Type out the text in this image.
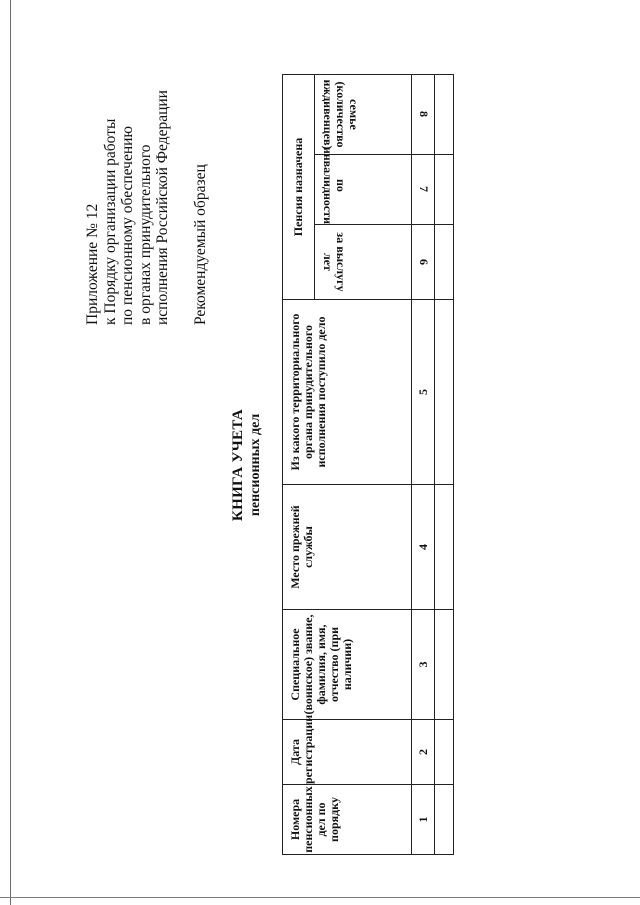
Приложение № 12 к Порядку организации работы по пенсионному обеспечению в органах принудительного исполнения Российской Федерации Рекомендуемый образец
КНИГА УЧЕТА пенсионных дел
Номера пенсионных дел по порядку	Дата регистрации	Специальное (воинское) звание, фамилия, имя, отчество (при наличии)	Место прежней службы	Из какого территориального органа принудительного исполнения поступило дело	Пенсия назначена		
					за выслугу лет	по инвалидности	семье (количество иждивенцев)
1	2	3	4	5	6	7	8
